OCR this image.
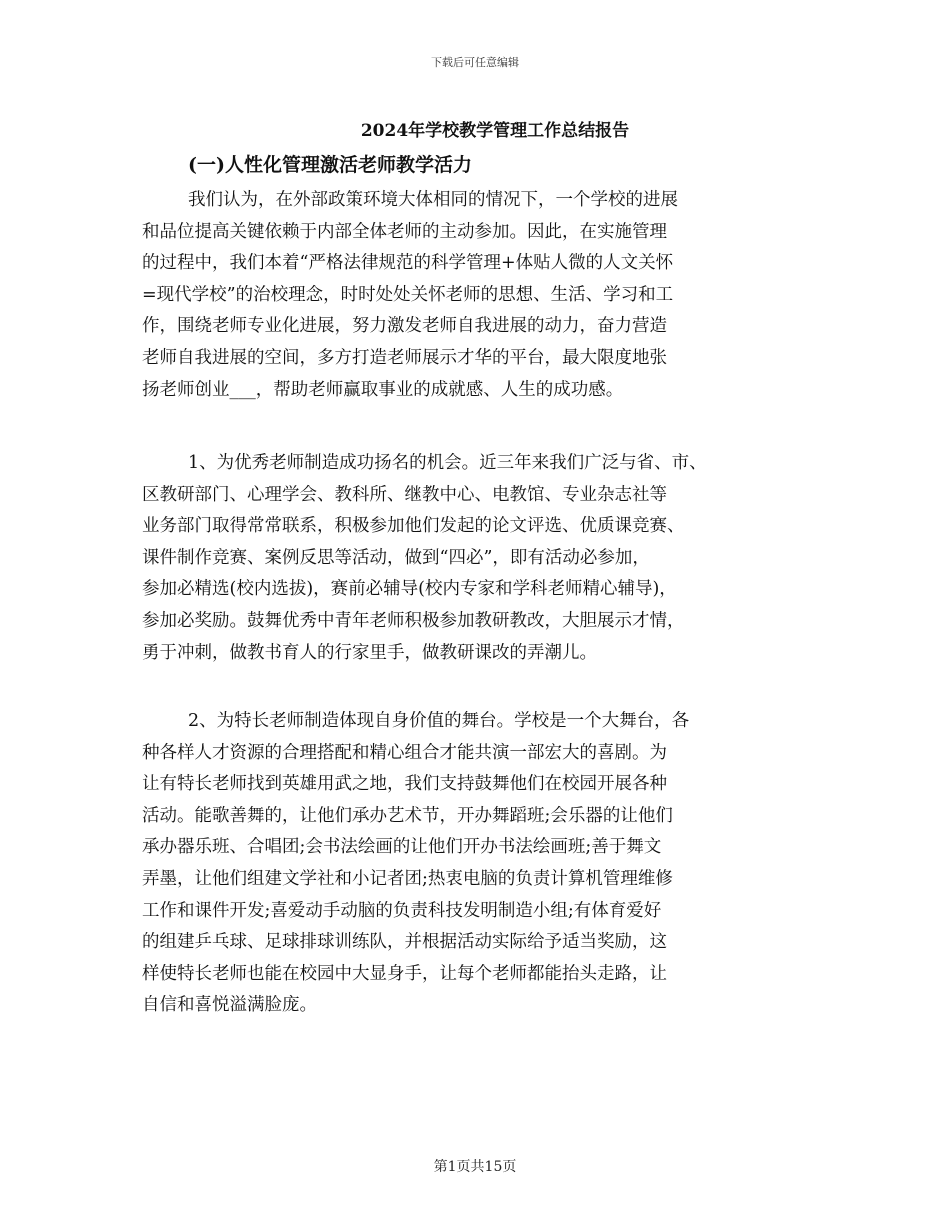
下载后可任意编辑
2024年学校教学管理工作总结报告
(一)人性化管理激活老师教学活力
我们认为，在外部政策环境大体相同的情况下，一个学校的进展
和品位提高关键依赖于内部全体老师的主动参加。因此，在实施管理
的过程中，我们本着“严格法律规范的科学管理+体贴人微的人文关怀
=现代学校”的治校理念，时时处处关怀老师的思想、生活、学习和工
作，围绕老师专业化进展，努力激发老师自我进展的动力，奋力营造
老师自我进展的空间，多方打造老师展示才华的平台，最大限度地张
扬老师创业___，帮助老师赢取事业的成就感、人生的成功感。
1、为优秀老师制造成功扬名的机会。近三年来我们广泛与省、市、
区教研部门、心理学会、教科所、继教中心、电教馆、专业杂志社等
业务部门取得常常联系，积极参加他们发起的论文评选、优质课竞赛、
课件制作竞赛、案例反思等活动，做到“四必”，即有活动必参加，
参加必精选(校内选拔)，赛前必辅导(校内专家和学科老师精心辅导)，
参加必奖励。鼓舞优秀中青年老师积极参加教研教改，大胆展示才情，
勇于冲刺，做教书育人的行家里手，做教研课改的弄潮儿。
2、为特长老师制造体现自身价值的舞台。学校是一个大舞台，各
种各样人才资源的合理搭配和精心组合才能共演一部宏大的喜剧。为
让有特长老师找到英雄用武之地，我们支持鼓舞他们在校园开展各种
活动。能歌善舞的，让他们承办艺术节，开办舞蹈班;会乐器的让他们
承办器乐班、合唱团;会书法绘画的让他们开办书法绘画班;善于舞文
弄墨，让他们组建文学社和小记者团;热衷电脑的负责计算机管理维修
工作和课件开发;喜爱动手动脑的负责科技发明制造小组;有体育爱好
的组建乒乓球、足球排球训练队，并根据活动实际给予适当奖励，这
样使特长老师也能在校园中大显身手，让每个老师都能抬头走路，让
自信和喜悦溢满脸庞。
第1页共15页
